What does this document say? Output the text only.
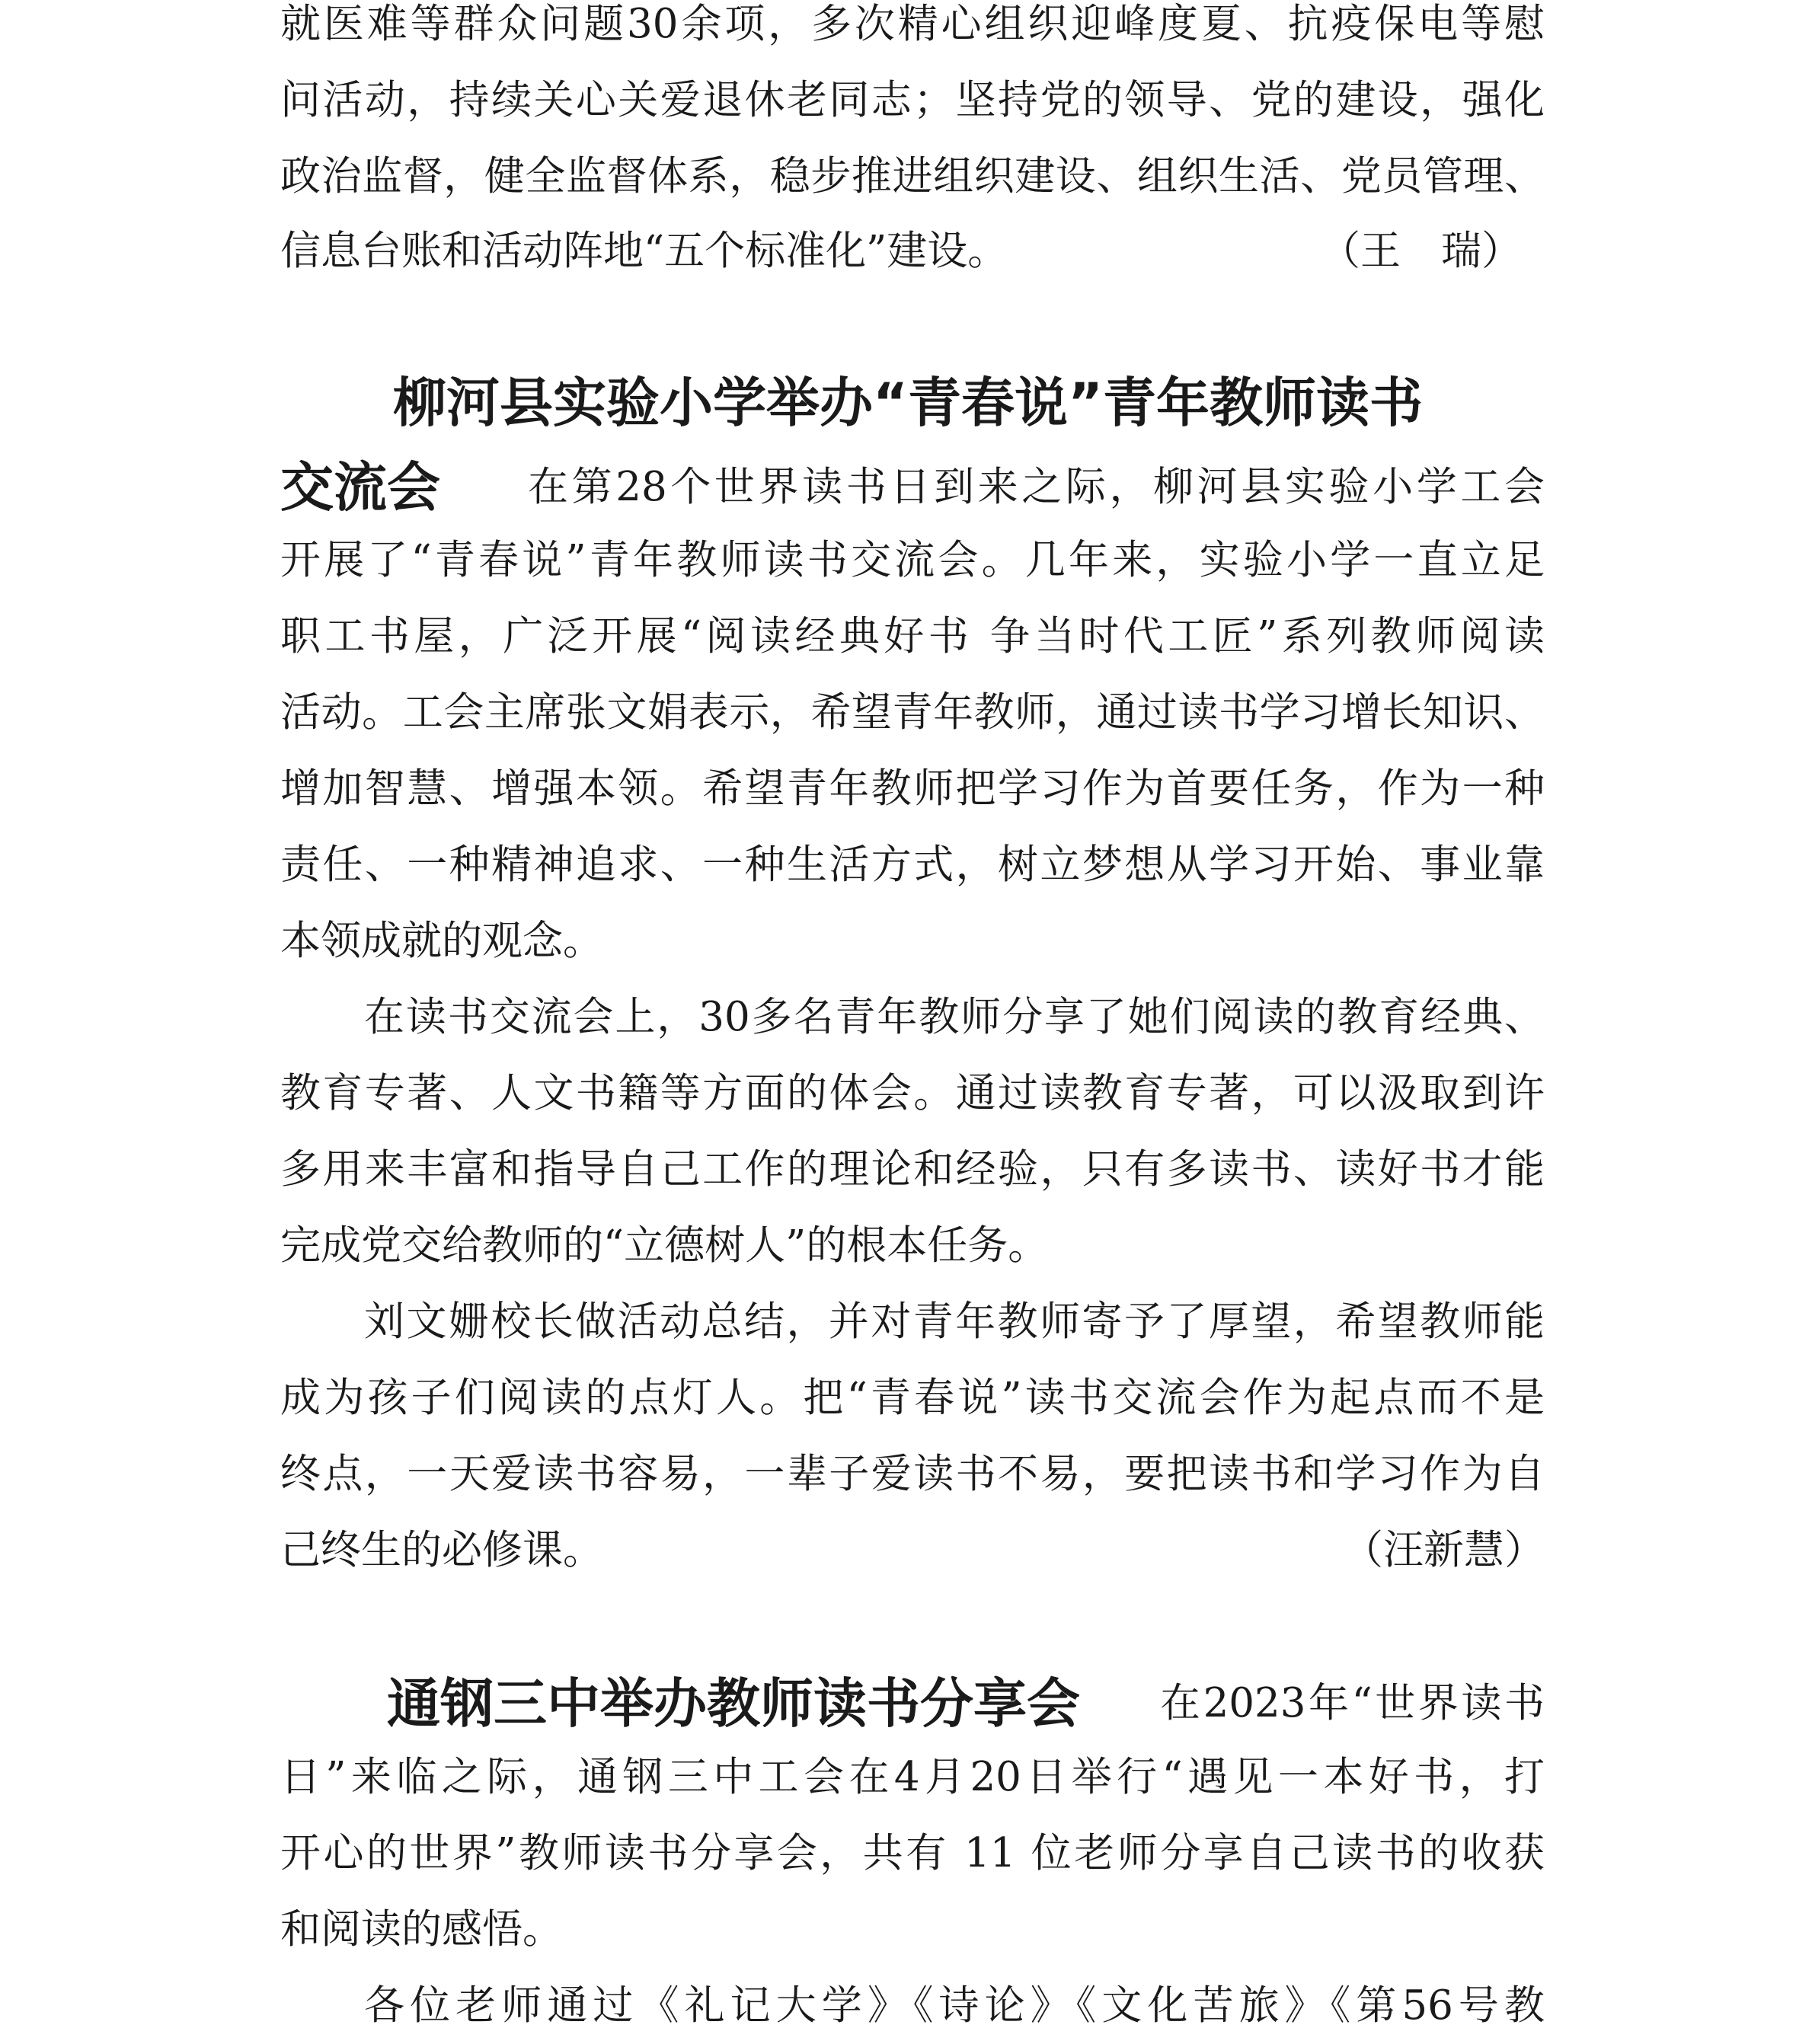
就医难等群众问题30余项，多次精心组织迎峰度夏、抗疫保电等慰
问活动，持续关心关爱退休老同志；坚持党的领导、党的建设，强化
政治监督，健全监督体系，稳步推进组织建设、组织生活、党员管理、
信息台账和活动阵地“五个标准化”建设。	（王　瑞）
柳河县实验小学举办“青春说”青年教师读书
交流会	在第28个世界读书日到来之际，柳河县实验小学工会
开展了“青春说”青年教师读书交流会。几年来，实验小学一直立足
职工书屋，广泛开展“阅读经典好书 争当时代工匠”系列教师阅读
活动。工会主席张文娟表示，希望青年教师，通过读书学习增长知识、
增加智慧、增强本领。希望青年教师把学习作为首要任务，作为一种
责任、一种精神追求、一种生活方式，树立梦想从学习开始、事业靠
本领成就的观念。
在读书交流会上，30多名青年教师分享了她们阅读的教育经典、
教育专著、人文书籍等方面的体会。通过读教育专著，可以汲取到许
多用来丰富和指导自己工作的理论和经验，只有多读书、读好书才能
完成党交给教师的“立德树人”的根本任务。
刘文姗校长做活动总结，并对青年教师寄予了厚望，希望教师能
成为孩子们阅读的点灯人。把“青春说”读书交流会作为起点而不是
终点，一天爱读书容易，一辈子爱读书不易，要把读书和学习作为自
己终生的必修课。	（汪新慧）
通钢三中举办教师读书分享会	在2023年“世界读书
日”来临之际，通钢三中工会在4月20日举行“遇见一本好书，打
开心的世界”教师读书分享会，共有 11 位老师分享自己读书的收获
和阅读的感悟。
各位老师通过《礼记大学》《诗论》《文化苦旅》《第56号教
